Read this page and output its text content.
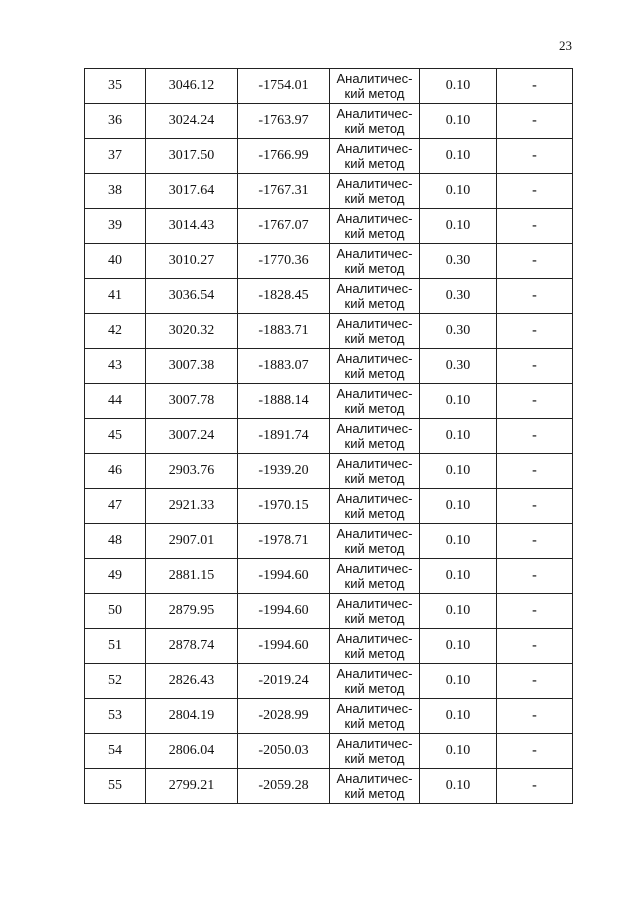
23
35	3046.12	-1754.01	Аналитичес-
кий метод	0.10	-
36	3024.24	-1763.97	Аналитичес-
кий метод	0.10	-
37	3017.50	-1766.99	Аналитичес-
кий метод	0.10	-
38	3017.64	-1767.31	Аналитичес-
кий метод	0.10	-
39	3014.43	-1767.07	Аналитичес-
кий метод	0.10	-
40	3010.27	-1770.36	Аналитичес-
кий метод	0.30	-
41	3036.54	-1828.45	Аналитичес-
кий метод	0.30	-
42	3020.32	-1883.71	Аналитичес-
кий метод	0.30	-
43	3007.38	-1883.07	Аналитичес-
кий метод	0.30	-
44	3007.78	-1888.14	Аналитичес-
кий метод	0.10	-
45	3007.24	-1891.74	Аналитичес-
кий метод	0.10	-
46	2903.76	-1939.20	Аналитичес-
кий метод	0.10	-
47	2921.33	-1970.15	Аналитичес-
кий метод	0.10	-
48	2907.01	-1978.71	Аналитичес-
кий метод	0.10	-
49	2881.15	-1994.60	Аналитичес-
кий метод	0.10	-
50	2879.95	-1994.60	Аналитичес-
кий метод	0.10	-
51	2878.74	-1994.60	Аналитичес-
кий метод	0.10	-
52	2826.43	-2019.24	Аналитичес-
кий метод	0.10	-
53	2804.19	-2028.99	Аналитичес-
кий метод	0.10	-
54	2806.04	-2050.03	Аналитичес-
кий метод	0.10	-
55	2799.21	-2059.28	Аналитичес-
кий метод	0.10	-
